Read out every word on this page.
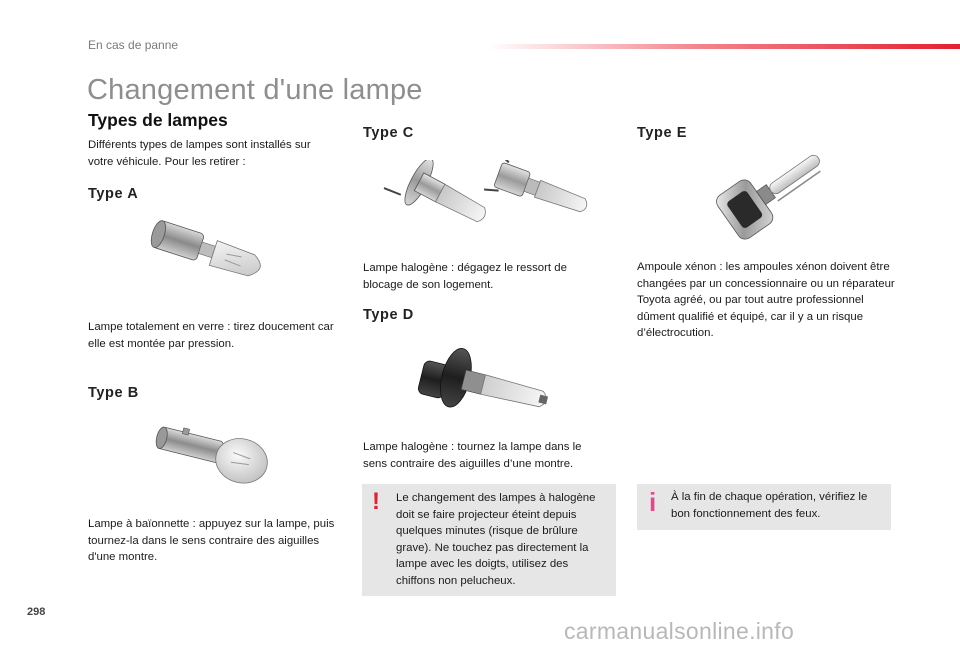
En cas de panne
Changement d'une lampe
Types de lampes
Différents types de lampes sont installés sur votre véhicule. Pour les retirer :
Type A
Lampe totalement en verre : tirez doucement car elle est montée par pression.
Type B
Lampe à baïonnette : appuyez sur la lampe, puis tournez-la dans le sens contraire des aiguilles d'une montre.
Type C
Lampe halogène : dégagez le ressort de blocage de son logement.
Type D
Lampe halogène : tournez la lampe dans le sens contraire des aiguilles d’une montre.
! Le changement des lampes à halogène doit se faire projecteur éteint depuis quelques minutes (risque de brûlure grave). Ne touchez pas directement la lampe avec les doigts, utilisez des chiffons non pelucheux.
Type E
Ampoule xénon : les ampoules xénon doivent être changées par un concessionnaire ou un réparateur Toyota agréé, ou par tout autre professionnel dûment qualifié et équipé, car il y a un risque d’électrocution.
i À la fin de chaque opération, vérifiez le bon fonctionnement des feux.
298
carmanualsonline.info
